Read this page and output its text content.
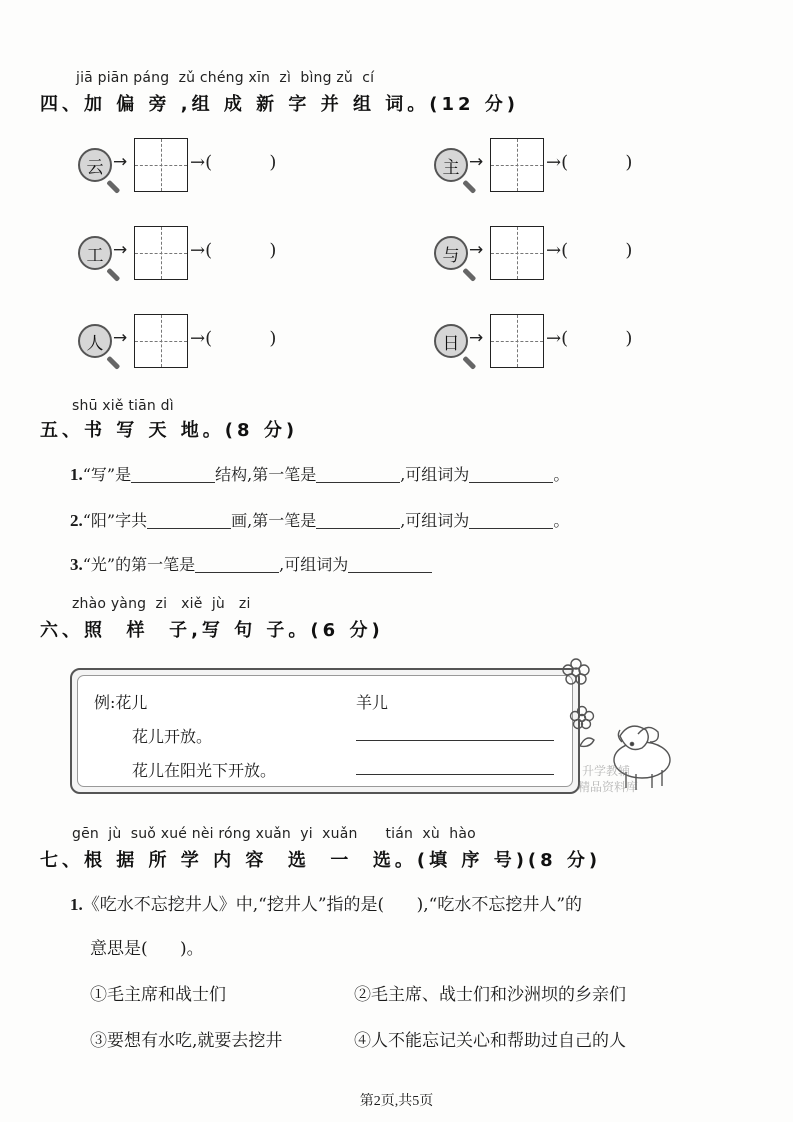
jiā piān páng  zǔ chéng xīn  zì  bìng zǔ  cí
四、加 偏 旁 ,组 成 新 字 并 组 词。(12 分)
云 →	→(          )	主 →	→(          )
工 →	→(          )	与 →	→(          )
人 →	→(          )	日 →	→(          )
shū xiě tiān dì
五、书 写 天 地。(8 分)
1.“写”是	结构,第一笔是	,可组词为	。
2.“阳”字共	画,第一笔是	,可组词为	。
3.“光”的第一笔是	,可组词为
zhào yàng  zi   xiě  jù   zi
六、照  样  子,写 句 子。(6 分)
例:花儿
花儿开放。
花儿在阳光下开放。
羊儿
升学教辅
精品资料库
gēn  jù  suǒ xué nèi róng xuǎn  yi  xuǎn      tián  xù  hào
七、根 据 所 学 内 容  选  一  选。(填 序 号)(8 分)
1.《吃水不忘挖井人》中,“挖井人”指的是(      ),“吃水不忘挖井人”的
意思是(      )。
①毛主席和战士们	②毛主席、战士们和沙洲坝的乡亲们
③要想有水吃,就要去挖井	④人不能忘记关心和帮助过自己的人
第2页,共5页
